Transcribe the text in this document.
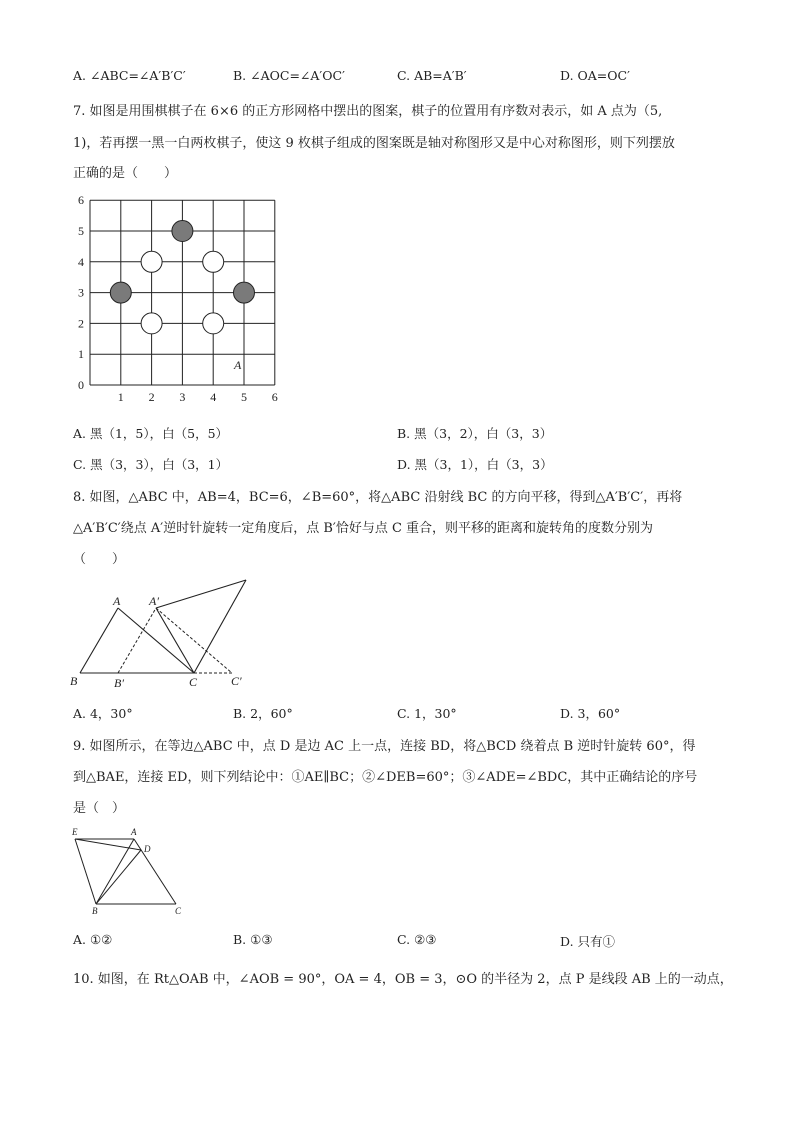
A. ∠ABC=∠A′B′C′	B. ∠AOC=∠A′OC′	C. AB=A′B′	D. OA=OC′
7. 如图是用围棋棋子在 6×6 的正方形网格中摆出的图案，棋子的位置用有序数对表示，如 A 点为（5,
1)，若再摆一黑一白两枚棋子，使这 9 枚棋子组成的图案既是轴对称图形又是中心对称图形，则下列摆放
正确的是（　　）
0
1
2
3
4
5
6
1 2 3 4 5 6
A
A. 黑（1，5），白（5，5）	B. 黑（3，2），白（3，3）
C. 黑（3，3），白（3，1）	D. 黑（3，1），白（3，3）
8. 如图，△ABC 中，AB=4，BC=6，∠B=60°，将△ABC 沿射线 BC 的方向平移，得到△A′B′C′，再将
△A′B′C′绕点 A′逆时针旋转一定角度后，点 B′恰好与点 C 重合，则平移的距离和旋转角的度数分别为
（　　）
A A′
B	B′	C	C′
A. 4，30°	B. 2，60°	C. 1，30°	D. 3，60°
9. 如图所示，在等边△ABC 中，点 D 是边 AC 上一点，连接 BD，将△BCD 绕着点 B 逆时针旋转 60°，得
到△BAE，连接 ED，则下列结论中：①AE∥BC；②∠DEB=60°；③∠ADE=∠BDC，其中正确结论的序号
是（　）
E	A
D
B	C
A. ①②	B. ①③	C. ②③	D. 只有①
10. 如图，在 Rt△OAB 中，∠AOB = 90°，OA = 4，OB = 3，⊙O 的半径为 2，点 P 是线段 AB 上的一动点，
